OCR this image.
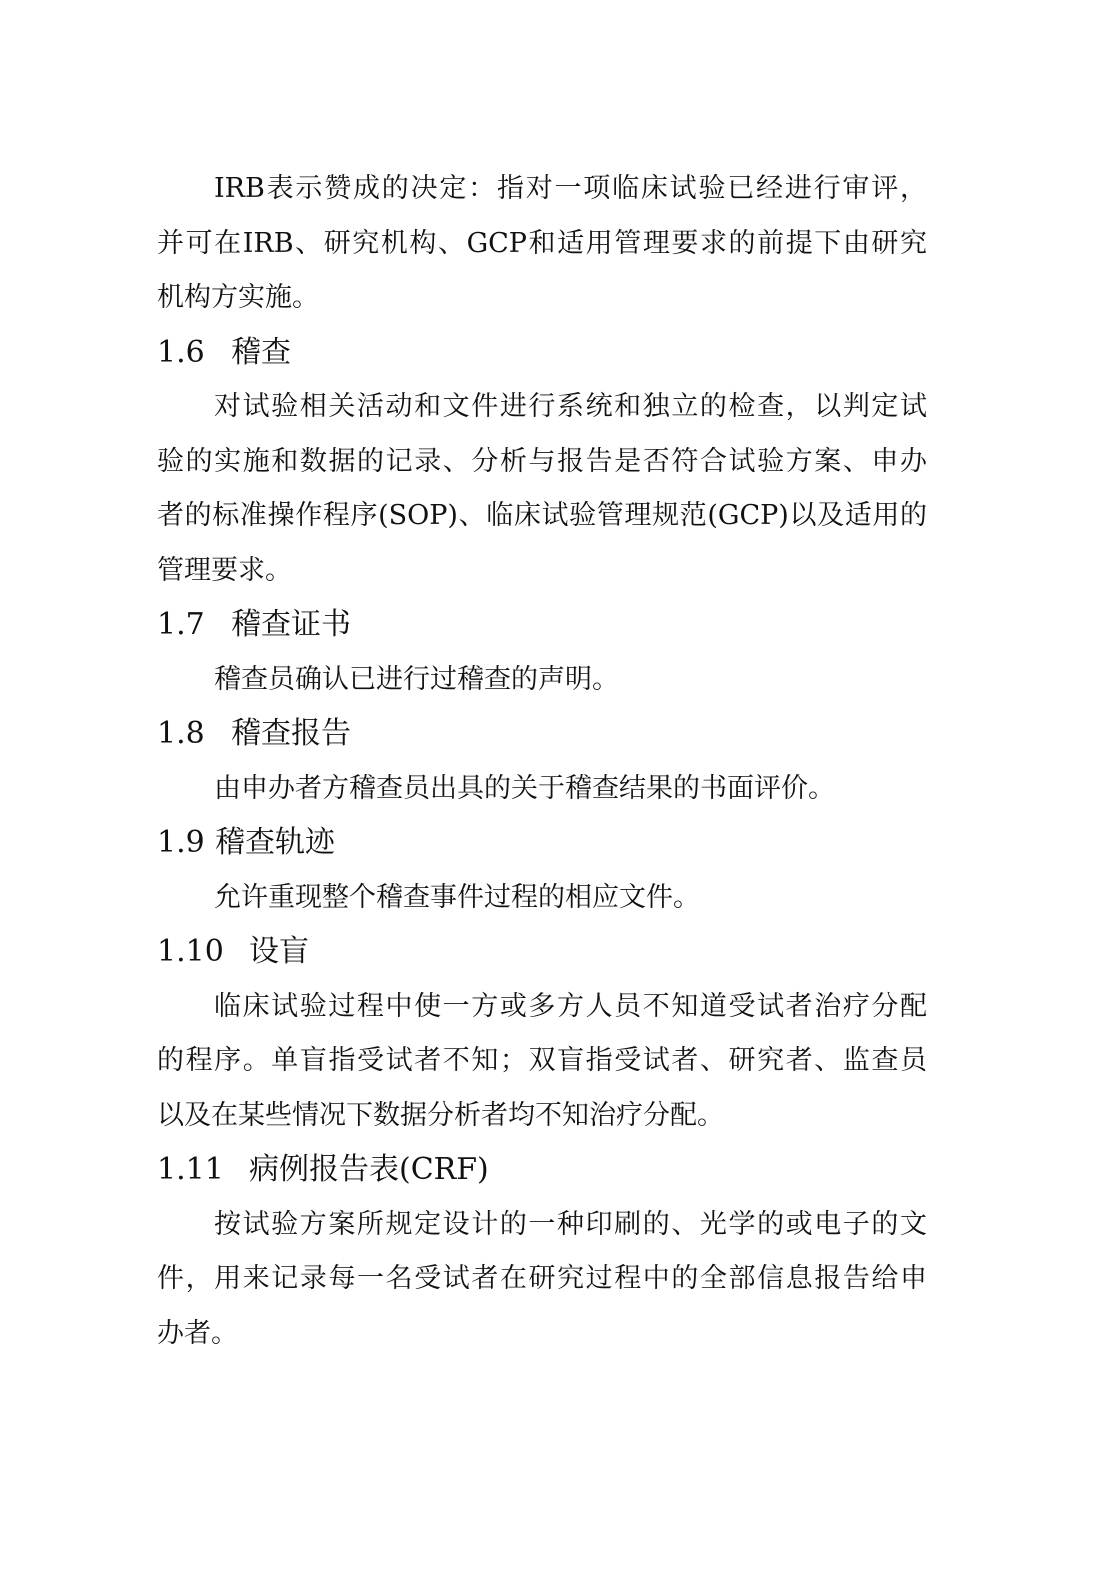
IRB表示赞成的决定：指对一项临床试验已经进行审评，
并可在IRB、研究机构、GCP和适用管理要求的前提下由研究
机构方实施。
1.6 稽查
对试验相关活动和文件进行系统和独立的检查，以判定试
验的实施和数据的记录、分析与报告是否符合试验方案、申办
者的标准操作程序(SOP)、临床试验管理规范(GCP)以及适用的
管理要求。
1.7 稽查证书
稽查员确认已进行过稽查的声明。
1.8 稽查报告
由申办者方稽查员出具的关于稽查结果的书面评价。
1.9 稽查轨迹
允许重现整个稽查事件过程的相应文件。
1.10 设盲
临床试验过程中使一方或多方人员不知道受试者治疗分配
的程序。单盲指受试者不知；双盲指受试者、研究者、监查员
以及在某些情况下数据分析者均不知治疗分配。
1.11 病例报告表(CRF)
按试验方案所规定设计的一种印刷的、光学的或电子的文
件，用来记录每一名受试者在研究过程中的全部信息报告给申
办者。
